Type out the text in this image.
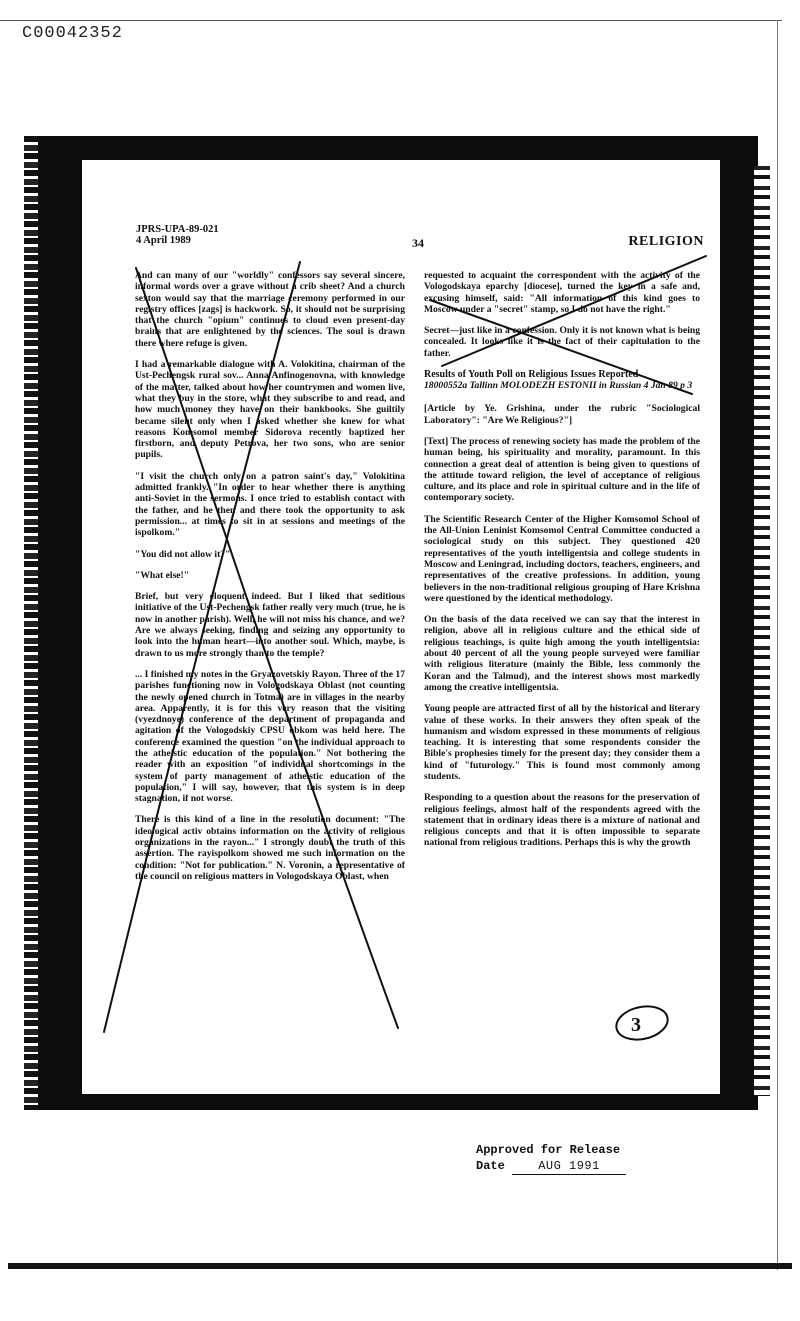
C00042352
JPRS-UPA-89-021
4 April 1989	34	RELIGION

And can many of our "worldly" confessors say several sincere, informal words over a grave without a crib sheet? And a church sexton would say that the marriage ceremony performed in our registry offices [zags] is hackwork. So, it should not be surprising that the church "opium" continues to cloud even present-day brains that are enlightened by the sciences. The soul is drawn there where refuge is given.

I had a remarkable dialogue with A. Volokitina, chairman of the Ust-Pechengsk rural sov... Anna Anfinogenovna, with knowledge of the matter, talked about how her countrymen and women live, what they buy in the store, what they subscribe to and read, and how much money they have on their bankbooks. She guiltily became silent only when I asked whether she knew for what reasons Komsomol member Sidorova recently baptized her firstborn, and deputy Petrova, her two sons, who are senior pupils.

"I visit the church only on a patron saint's day," Volokitina admitted frankly. "In order to hear whether there is anything anti-Soviet in the sermons. I once tried to establish contact with the father, and he then and there took the opportunity to ask permission... at times to sit in at sessions and meetings of the ispolkom."

"You did not allow it?"

"What else!"

Brief, but very eloquent indeed. But I liked that seditious initiative of the Ust-Pechengsk father really very much (true, he is now in another parish). Well, he will not miss his chance, and we? Are we always seeking, finding and seizing any opportunity to look into the human heart—into another soul. Which, maybe, is drawn to us more strongly than to the temple?

... I finished my notes in the Gryazovetskiy Rayon. Three of the 17 parishes functioning now in Vologodskaya Oblast (not counting the newly opened church in Totma) are in villages in the nearby area. Apparently, it is for this very reason that the visiting (vyezdnoye) conference of the department of propaganda and agitation of the Vologodskiy CPSU obkom was held here. The conference examined the question "on the individual approach to the atheistic education of the population." Not bothering the reader with an exposition "of individual shortcomings in the system of party management of atheistic education of the population," I will say, however, that this system is in deep stagnation, if not worse.

There is this kind of a line in the resolution document: "The ideological activ obtains information on the activity of religious organizations in the rayon..." I strongly doubt the truth of this assertion. The rayispolkom showed me such information on the condition: "Not for publication." N. Voronin, a representative of the council on religious matters in Vologodskaya Oblast, when

requested to acquaint the correspondent with the activity of the Vologodskaya eparchy [diocese], turned the key in a safe and, excusing himself, said: "All information of this kind goes to Moscow under a "secret" stamp, so I do not have the right."

Secret—just like in a confession. Only it is not known what is being concealed. It looks like it is the fact of their capitulation to the father.

Results of Youth Poll on Religious Issues Reported

18000552a Tallinn MOLODEZH ESTONII in Russian 4 Jan 89 p 3

[Article by Ye. Grishina, under the rubric "Sociological Laboratory": "Are We Religious?"]

[Text] The process of renewing society has made the problem of the human being, his spirituality and morality, paramount. In this connection a great deal of attention is being given to questions of the attitude toward religion, the level of acceptance of religious culture, and its place and role in spiritual culture and in the life of contemporary society.

The Scientific Research Center of the Higher Komsomol School of the All-Union Leninist Komsomol Central Committee conducted a sociological study on this subject. They questioned 420 representatives of the youth intelligentsia and college students in Moscow and Leningrad, including doctors, teachers, engineers, and representatives of the creative professions. In addition, young believers in the non-traditional religious grouping of Hare Krishna were questioned by the identical methodology.

On the basis of the data received we can say that the interest in religion, above all in religious culture and the ethical side of religious teachings, is quite high among the youth intelligentsia: about 40 percent of all the young people surveyed were familiar with religious literature (mainly the Bible, less commonly the Koran and the Talmud), and the interest shows most markedly among the creative intelligentsia.

Young people are attracted first of all by the historical and literary value of these works. In their answers they often speak of the humanism and wisdom expressed in these monuments of religious teaching. It is interesting that some respondents consider the Bible's prophesies timely for the present day; they consider them a kind of "futurology." This is found most commonly among students.

Responding to a question about the reasons for the preservation of religious feelings, almost half of the respondents agreed with the statement that in ordinary ideas there is a mixture of national and religious concepts and that it is often impossible to separate national from religious traditions. Perhaps this is why the growth

3
Approved for Release
Date	AUG 1991
